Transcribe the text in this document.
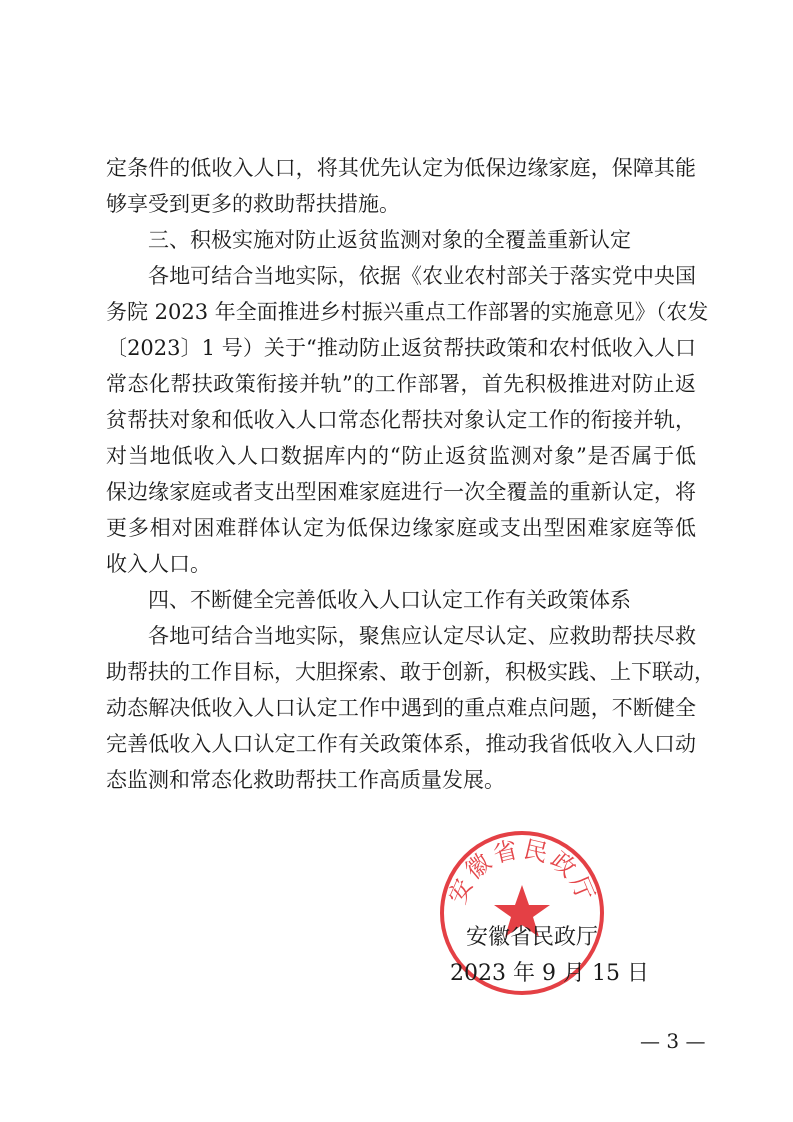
定条件的低收入人口，将其优先认定为低保边缘家庭，保障其能
够享受到更多的救助帮扶措施。
三、积极实施对防止返贫监测对象的全覆盖重新认定
各地可结合当地实际，依据《农业农村部关于落实党中央国
务院 2023 年全面推进乡村振兴重点工作部署的实施意见》（农发
〔2023〕1 号）关于“推动防止返贫帮扶政策和农村低收入人口
常态化帮扶政策衔接并轨”的工作部署，首先积极推进对防止返
贫帮扶对象和低收入人口常态化帮扶对象认定工作的衔接并轨，
对当地低收入人口数据库内的“防止返贫监测对象”是否属于低
保边缘家庭或者支出型困难家庭进行一次全覆盖的重新认定，将
更多相对困难群体认定为低保边缘家庭或支出型困难家庭等低
收入人口。
四、不断健全完善低收入人口认定工作有关政策体系
各地可结合当地实际，聚焦应认定尽认定、应救助帮扶尽救
助帮扶的工作目标，大胆探索、敢于创新，积极实践、上下联动，
动态解决低收入人口认定工作中遇到的重点难点问题，不断健全
完善低收入人口认定工作有关政策体系，推动我省低收入人口动
态监测和常态化救助帮扶工作高质量发展。
安徽省民政厅
安徽省民政厅
2023 年 9 月 15 日
— 3 —
